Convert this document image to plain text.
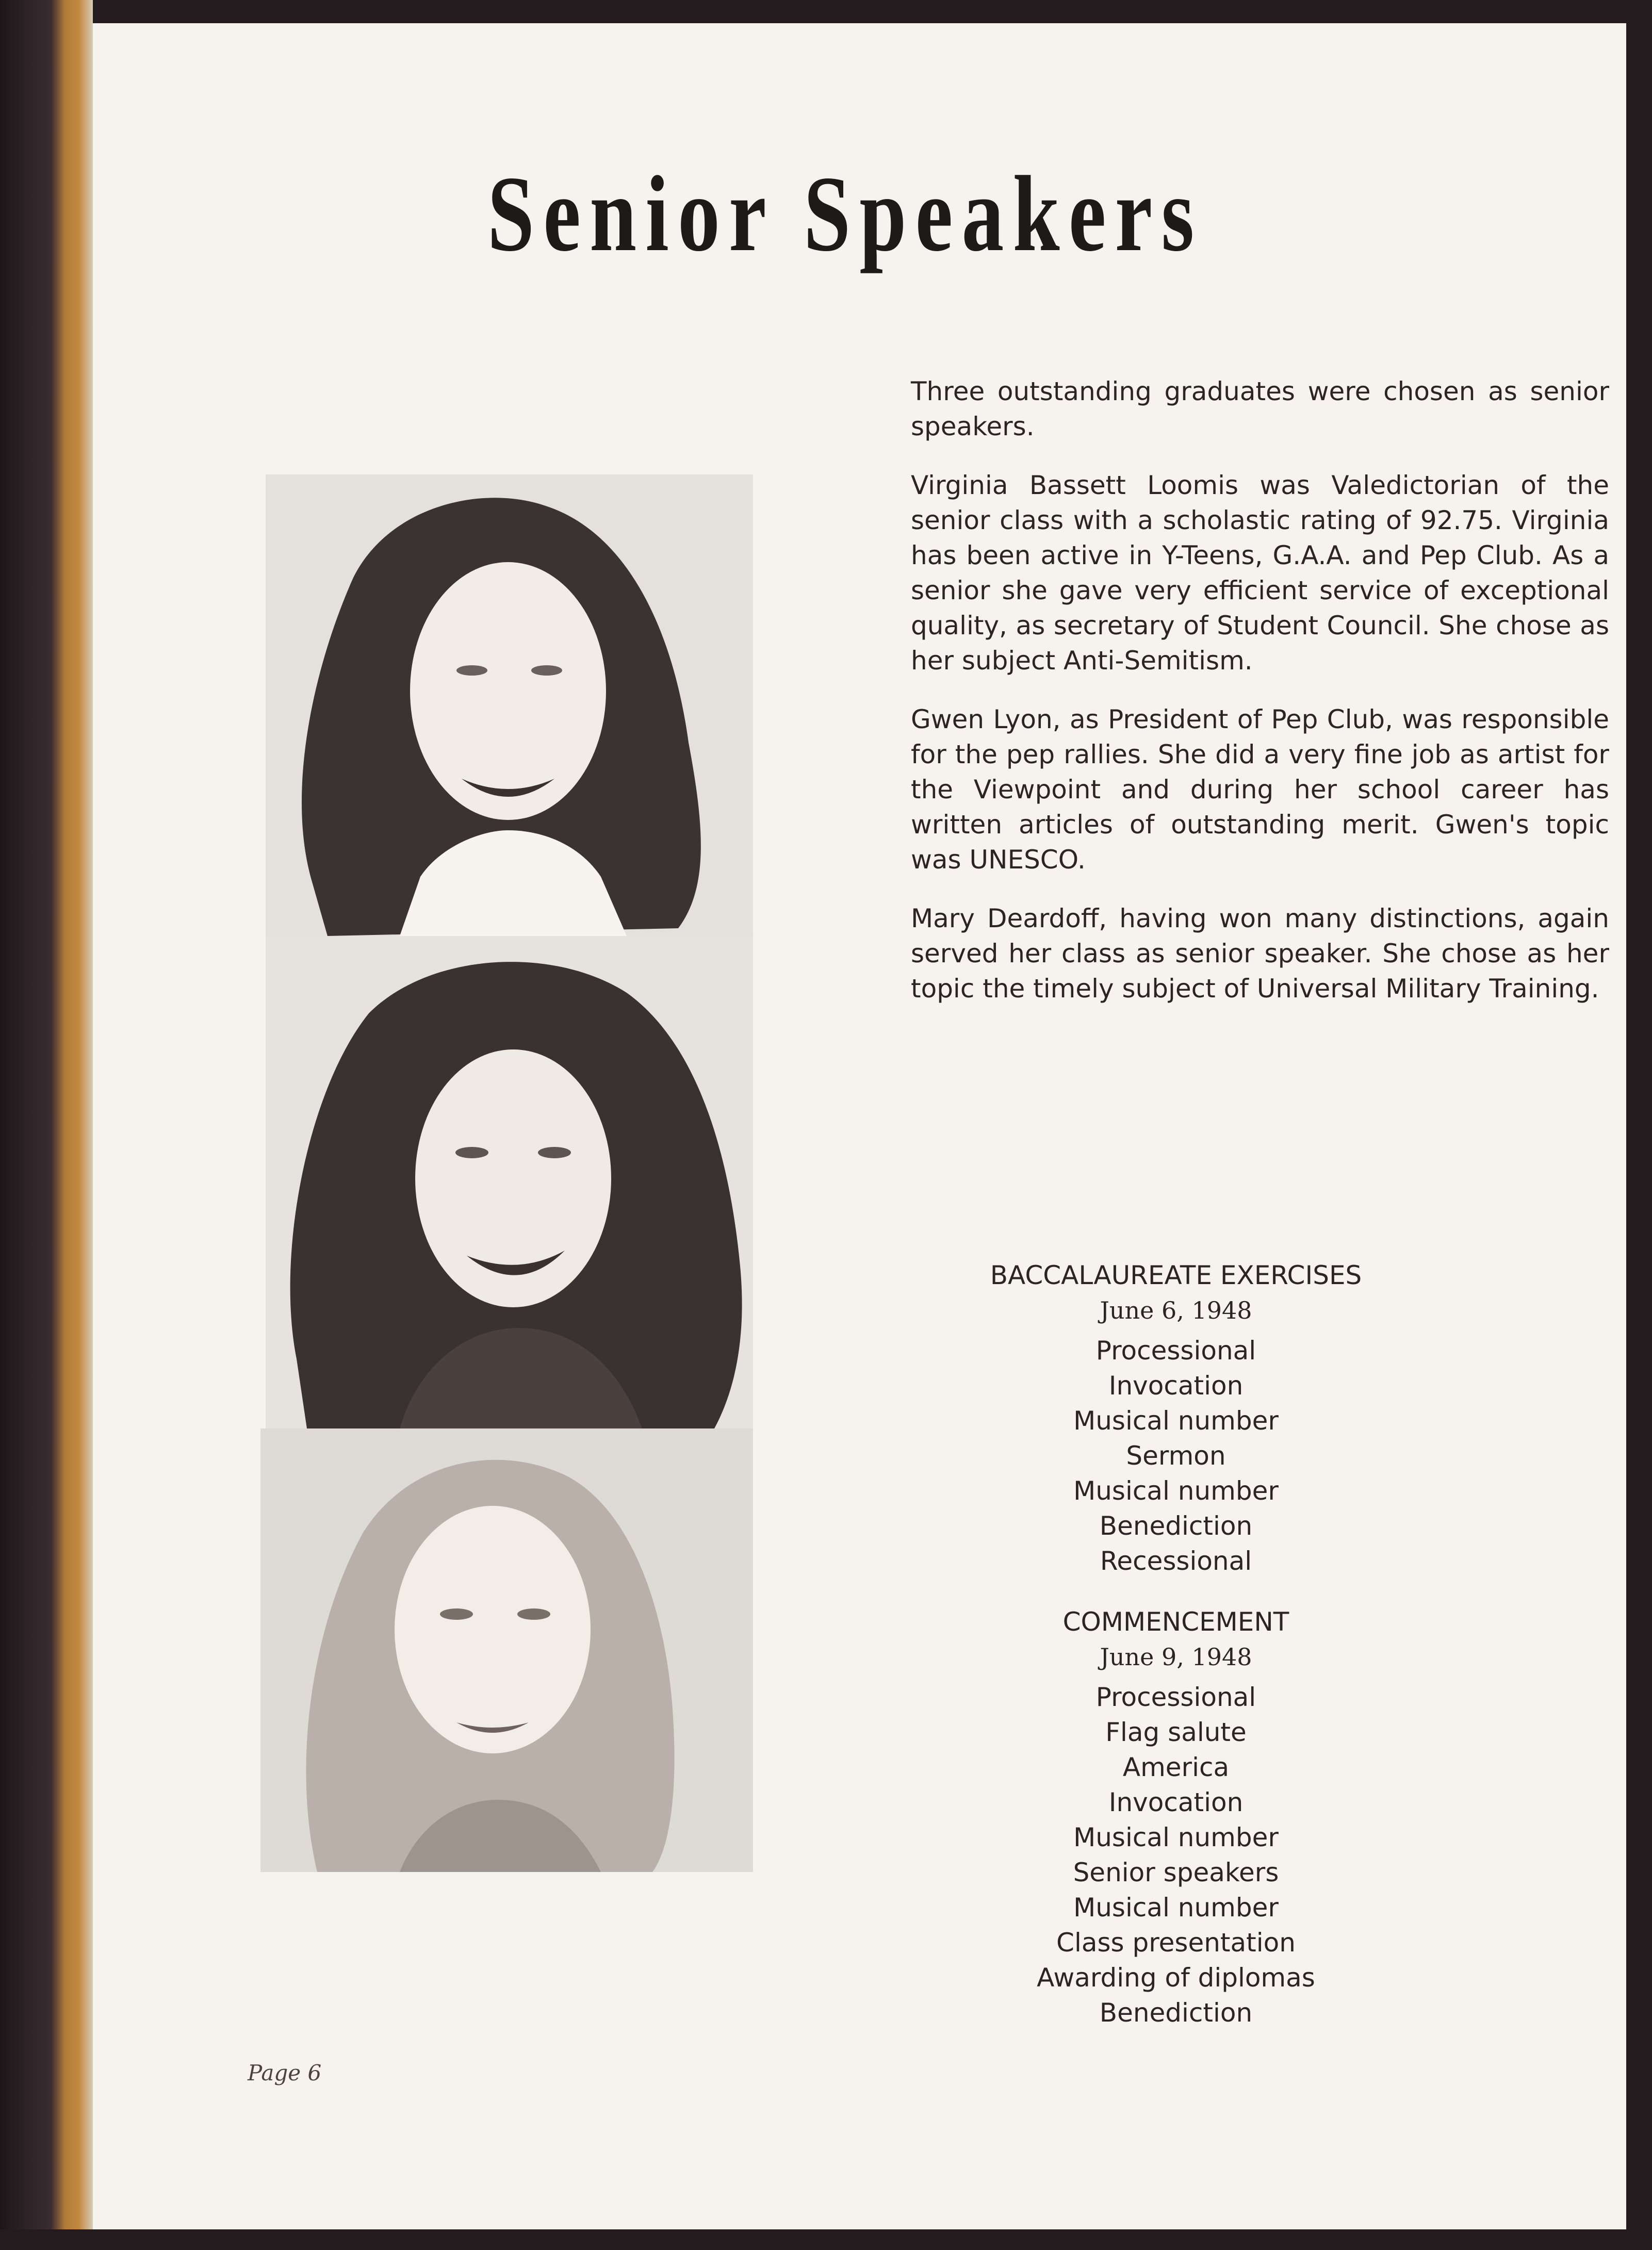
Senior Speakers

Three outstanding graduates were chosen as senior speakers.

Virginia Bassett Loomis was Valedictorian of the senior class with a scholastic rating of 92.75. Virginia has been active in Y-Teens, G.A.A. and Pep Club. As a senior she gave very efficient service of exceptional quality, as secretary of Student Council. She chose as her subject Anti-Semitism.

Gwen Lyon, as President of Pep Club, was responsible for the pep rallies. She did a very fine job as artist for the Viewpoint and during her school career has written articles of outstanding merit. Gwen's topic was UNESCO.

Mary Deardoff, having won many distinctions, again served her class as senior speaker. She chose as her topic the timely subject of Universal Military Training.

BACCALAUREATE EXERCISES
June 6, 1948
Processional
Invocation
Musical number
Sermon
Musical number
Benediction
Recessional
COMMENCEMENT
June 9, 1948
Processional
Flag salute
America
Invocation
Musical number
Senior speakers
Musical number
Class presentation
Awarding of diplomas
Benediction
Page 6
